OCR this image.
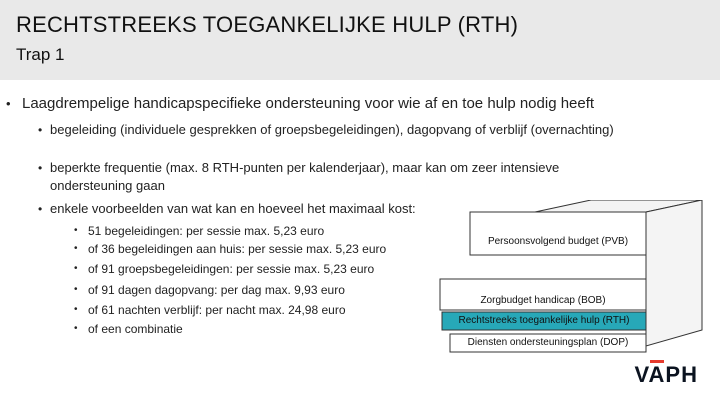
RECHTSTREEKS TOEGANKELIJKE HULP (RTH)
Trap 1
• Laagdrempelige handicapspecifieke ondersteuning voor wie af en toe hulp nodig heeft
• begeleiding (individuele gesprekken of groepsbegeleidingen), dagopvang of verblijf (overnachting)
• beperkte frequentie (max. 8 RTH-punten per kalenderjaar), maar kan om zeer intensieve ondersteuning gaan
• enkele voorbeelden van wat kan en hoeveel het maximaal kost:
• 51 begeleidingen: per sessie max. 5,23 euro
• of 36 begeleidingen aan huis: per sessie max. 5,23 euro
• of 91 groepsbegeleidingen: per sessie max. 5,23 euro
• of 91 dagen dagopvang: per dag max. 9,93 euro
• of 61 nachten verblijf: per nacht max. 24,98 euro
• of een combinatie
Persoonsvolgend budget (PVB)
Zorgbudget handicap (BOB)
Rechtstreeks toegankelijke hulp (RTH)
Diensten ondersteuningsplan (DOP)
VAPH
